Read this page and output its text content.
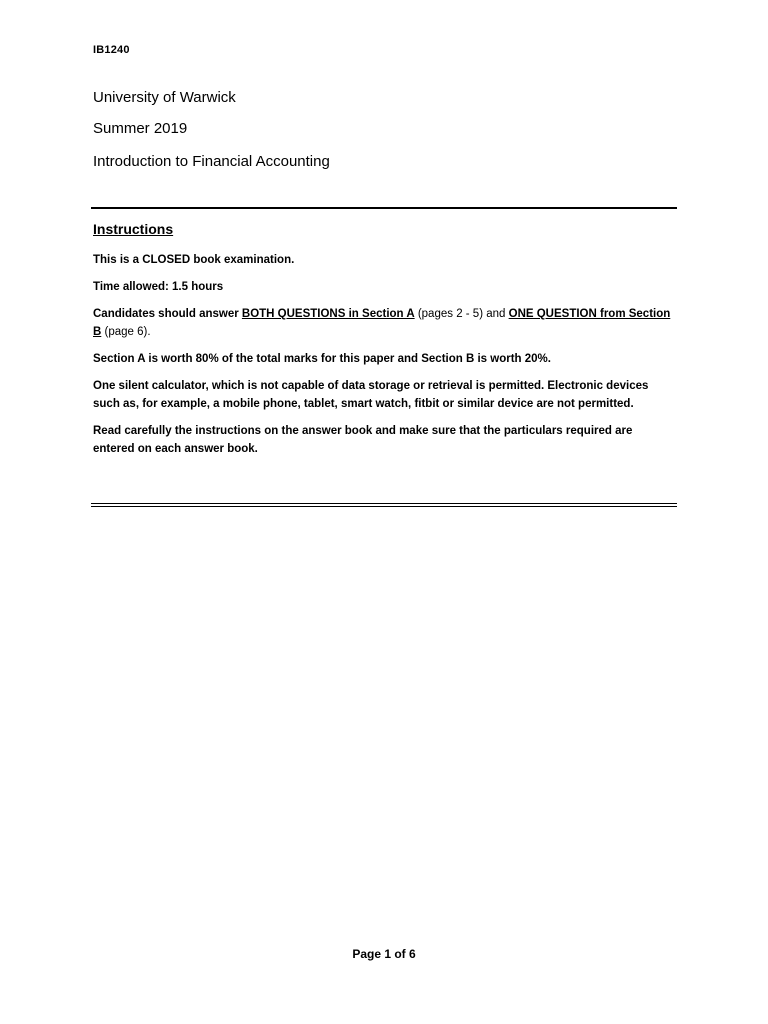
IB1240
University of Warwick
Summer 2019
Introduction to Financial Accounting
Instructions

This is a CLOSED book examination.

Time allowed: 1.5 hours

Candidates should answer BOTH QUESTIONS in Section A (pages 2 - 5) and ONE QUESTION from Section B (page 6).

Section A is worth 80% of the total marks for this paper and Section B is worth 20%.

One silent calculator, which is not capable of data storage or retrieval is permitted. Electronic devices such as, for example, a mobile phone, tablet, smart watch, fitbit or similar device are not permitted.

Read carefully the instructions on the answer book and make sure that the particulars required are entered on each answer book.

Page 1 of 6
